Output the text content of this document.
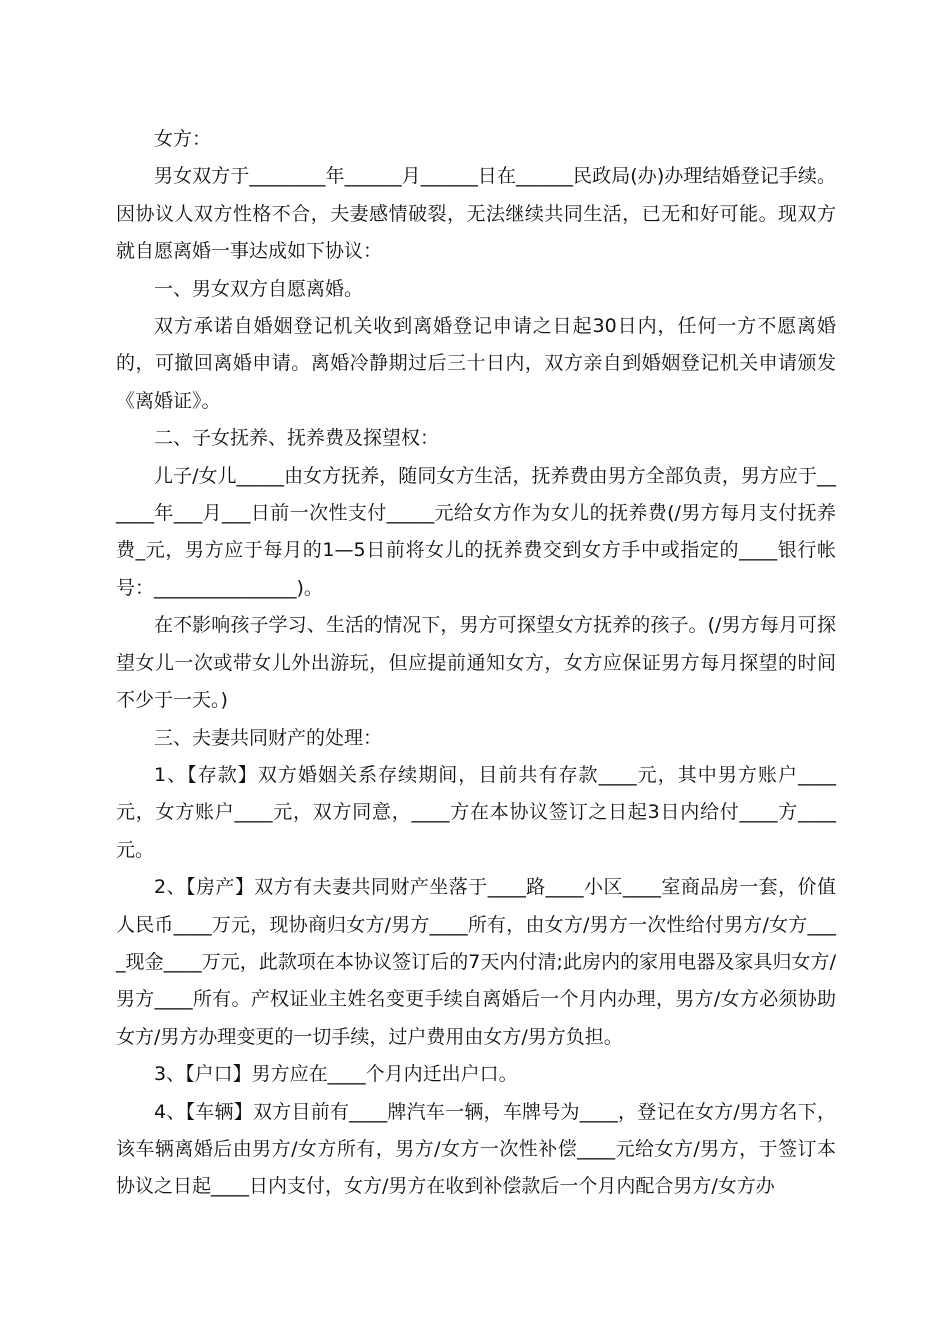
女方：

男女双方于________年______月______日在______民政局(办)办理结婚登记手续。因协议人双方性格不合，夫妻感情破裂，无法继续共同生活，已无和好可能。现双方就自愿离婚一事达成如下协议：

一、男女双方自愿离婚。

双方承诺自婚姻登记机关收到离婚登记申请之日起30日内，任何一方不愿离婚的，可撤回离婚申请。离婚冷静期过后三十日内，双方亲自到婚姻登记机关申请颁发《离婚证》。

二、子女抚养、抚养费及探望权：

儿子/女儿_____由女方抚养，随同女方生活，抚养费由男方全部负责，男方应于______年___月___日前一次性支付_____元给女方作为女儿的抚养费(/男方每月支付抚养费_元，男方应于每月的1—5日前将女儿的抚养费交到女方手中或指定的____银行帐号：_______________)。

在不影响孩子学习、生活的情况下，男方可探望女方抚养的孩子。(/男方每月可探望女儿一次或带女儿外出游玩，但应提前通知女方，女方应保证男方每月探望的时间不少于一天。)

三、夫妻共同财产的处理：

1、【存款】双方婚姻关系存续期间，目前共有存款____元，其中男方账户____元，女方账户____元，双方同意，____方在本协议签订之日起3日内给付____方____元。

2、【房产】双方有夫妻共同财产坐落于____路____小区____室商品房一套，价值人民币____万元，现协商归女方/男方____所有，由女方/男方一次性给付男方/女方____现金____万元，此款项在本协议签订后的7天内付清;此房内的家用电器及家具归女方/男方____所有。产权证业主姓名变更手续自离婚后一个月内办理，男方/女方必须协助女方/男方办理变更的一切手续，过户费用由女方/男方负担。

3、【户口】男方应在____个月内迁出户口。

4、【车辆】双方目前有____牌汽车一辆，车牌号为____，登记在女方/男方名下，该车辆离婚后由男方/女方所有，男方/女方一次性补偿____元给女方/男方，于签订本协议之日起____日内支付，女方/男方在收到补偿款后一个月内配合男方/女方办
